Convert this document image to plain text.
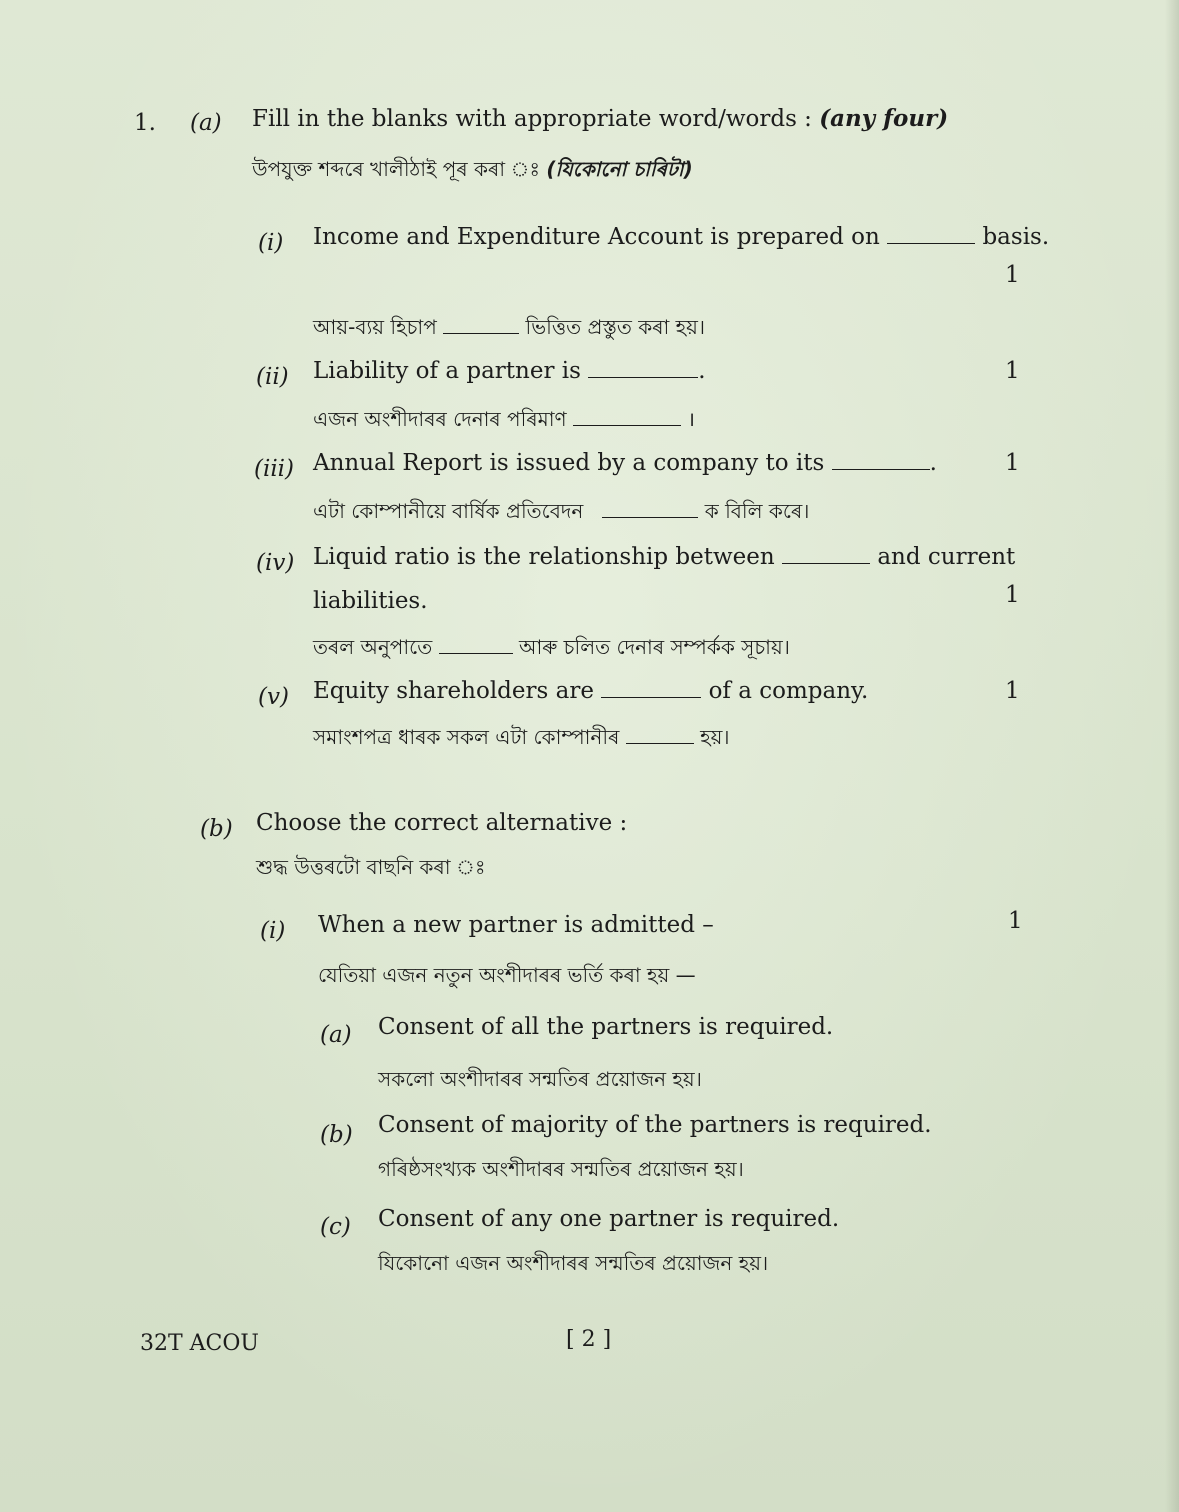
1. (a) Fill in the blanks with appropriate word/words : (any four)
উপযুক্ত শব্দৰে খালীঠাই পূৰ কৰা ঃ (যিকোনো চাৰিটা)
(i) Income and Expenditure Account is prepared on	basis.
1
আয়-ব্যয় হিচাপ	ভিত্তিত প্ৰস্তুত কৰা হয়।
(ii) Liability of a partner is	.	1
এজন অংশীদাৰৰ দেনাৰ পৰিমাণ	।
(iii) Annual Report is issued by a company to its	.	1
এটা কোম্পানীয়ে বাৰ্ষিক প্ৰতিবেদন	ক বিলি কৰে।
(iv) Liquid ratio is the relationship between	and current
liabilities.	1
তৰল অনুপাতে	আৰু চলিত দেনাৰ সম্পৰ্কক সূচায়।
(v) Equity shareholders are	of a company.	1
সমাংশপত্ৰ ধাৰক সকল এটা কোম্পানীৰ	হয়।
(b) Choose the correct alternative :
শুদ্ধ উত্তৰটো বাছনি কৰা ঃ
(i) When a new partner is admitted –	1
যেতিয়া এজন নতুন অংশীদাৰৰ ভৰ্তি কৰা হয় —
(a) Consent of all the partners is required.
সকলো অংশীদাৰৰ সন্মতিৰ প্ৰয়োজন হয়।
(b) Consent of majority of the partners is required.
গৰিষ্ঠসংখ্যক অংশীদাৰৰ সন্মতিৰ প্ৰয়োজন হয়।
(c) Consent of any one partner is required.
যিকোনো এজন অংশীদাৰৰ সন্মতিৰ প্ৰয়োজন হয়।
32T ACOU	[ 2 ]
